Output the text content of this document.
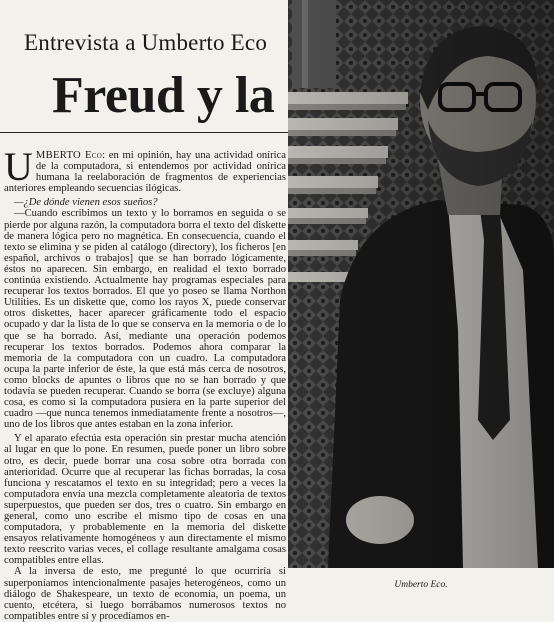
Entrevista a Umberto Eco
Freud y la

UMBERTO Eco: en mi opinión, hay una actividad onírica de la computadora, si entendemos por actividad onírica humana la reelaboración de fragmentos de experiencias anteriores empleando secuencias ilógicas.

—¿De dónde vienen esos sueños?

—Cuando escribimos un texto y lo borramos en seguida o se pierde por alguna razón, la computadora borra el texto del diskette de manera lógica pero no magnética. En consecuencia, cuando el texto se elimina y se piden al catálogo (directory), los ficheros [en español, archivos o trabajos] que se han borrado lógicamente, éstos no aparecen. Sin embargo, en realidad el texto borrado continúa existiendo. Actualmente hay programas especiales para recuperar los textos borrados. El que yo poseo se llama Northon Utilities. Es un diskette que, como los rayos X, puede conservar otros diskettes, hacer aparecer gráficamente todo el espacio ocupado y dar la lista de lo que se conserva en la memoria o de lo que se ha borrado. Así, mediante una operación podemos recuperar los textos borrados. Podemos ahora comparar la memoria de la computadora con un cuadro. La computadora ocupa la parte inferior de éste, la que está más cerca de nosotros, como blocks de apuntes o libros que no se han borrado y que todavía se pueden recuperar. Cuando se borra (se excluye) alguna cosa, es como si la computadora pusiera en la parte superior del cuadro —que nunca tenemos inmediatamente frente a nosotros—, uno de los libros que antes estaban en la zona inferior.

Y el aparato efectúa esta operación sin prestar mucha atención al lugar en que lo pone. En resumen, puede poner un libro sobre otro, es decir, puede borrar una cosa sobre otra borrada con anterioridad. Ocurre que al recuperar las fichas borradas, la cosa funciona y rescatamos el texto en su integridad; pero a veces la computadora envía una mezcla completamente aleatoria de textos superpuestos, que pueden ser dos, tres o cuatro. Sin embargo en general, como uno escribe el mismo tipo de cosas en una computadora, y probablemente en la memoria del diskette ensayos relativamente homogéneos y aun directamente el mismo texto reescrito varias veces, el collage resultante amalgama cosas compatibles entre ellas.

A la inversa de esto, me pregunté lo que ocurriría si superponíamos intencionalmente pasajes heterogéneos, como un diálogo de Shakespeare, un texto de economía, un poema, un cuento, etcétera, si luego borrábamos numerosos textos no compatibles entre sí y procedíamos en-

Umberto Eco.
